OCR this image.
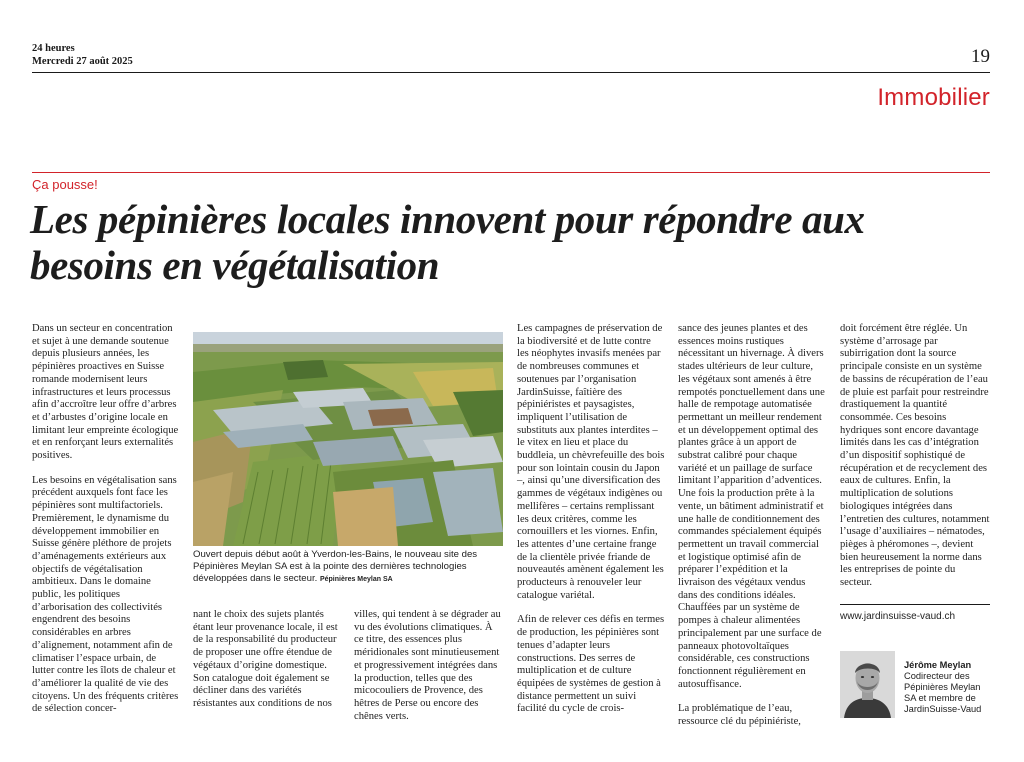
24 heures
Mercredi 27 août 2025	19
Immobilier
Ça pousse!
Les pépinières locales innovent pour répondre aux besoins en végétalisation

Dans un secteur en concentration et sujet à une demande soutenue depuis plusieurs années, les pépinières proactives en Suisse romande modernisent leurs infrastructures et leurs processus afin d’accroître leur offre d’arbres et d’arbustes d’origine locale en limitant leur empreinte écologique et en renforçant leurs externalités positives.

Les besoins en végétalisation sans précédent auxquels font face les pépinières sont multifactoriels. Premièrement, le dynamisme du développement immobilier en Suisse génère pléthore de projets d’aménagements extérieurs aux objectifs de végétalisation ambitieux. Dans le domaine public, les politiques d’arborisation des collectivités engendrent des besoins considérables en arbres d’alignement, notamment afin de climatiser l’espace urbain, de lutter contre les îlots de chaleur et d’améliorer la qualité de vie des citoyens. Un des fréquents critères de sélection concer-

Ouvert depuis début août à Yverdon-les-Bains, le nouveau site des Pépinières Meylan SA est à la pointe des dernières technologies développées dans le secteur. Pépinières Meylan SA

nant le choix des sujets plantés étant leur provenance locale, il est de la responsabilité du producteur de proposer une offre étendue de végétaux d’origine domestique. Son catalogue doit également se décliner dans des variétés résistantes aux conditions de nos

villes, qui tendent à se dégrader au vu des évolutions climatiques. À ce titre, des essences plus méridionales sont minutieusement et progressivement intégrées dans la production, telles que des micocouliers de Provence, des hêtres de Perse ou encore des chênes verts.

Les campagnes de préservation de la biodiversité et de lutte contre les néophytes invasifs menées par de nombreuses communes et soutenues par l’organisation JardinSuisse, faîtière des pépiniéristes et paysagistes, impliquent l’utilisation de substituts aux plantes interdites – le vitex en lieu et place du buddleia, un chèvrefeuille des bois pour son lointain cousin du Japon –, ainsi qu’une diversification des gammes de végétaux indigènes ou mellifères – certains remplissant les deux critères, comme les cornouillers et les viornes. Enfin, les attentes d’une certaine frange de la clientèle privée friande de nouveautés amènent également les producteurs à renouveler leur catalogue variétal.

Afin de relever ces défis en termes de production, les pépinières sont tenues d’adapter leurs constructions. Des serres de multiplication et de culture équipées de systèmes de gestion à distance permettent un suivi facilité du cycle de crois-

sance des jeunes plantes et des essences moins rustiques nécessitant un hivernage. À divers stades ultérieurs de leur culture, les végétaux sont amenés à être rempotés ponctuellement dans une halle de rempotage automatisée permettant un meilleur rendement et un développement optimal des plantes grâce à un apport de substrat calibré pour chaque variété et un paillage de surface limitant l’apparition d’adventices. Une fois la production prête à la vente, un bâtiment administratif et une halle de conditionnement des commandes spécialement équipés permettent un travail commercial et logistique optimisé afin de préparer l’expédition et la livraison des végétaux vendus dans des conditions idéales. Chauffées par un système de pompes à chaleur alimentées principalement par une surface de panneaux photovoltaïques considérable, ces constructions fonctionnent régulièrement en autosuffisance.

La problématique de l’eau, ressource clé du pépiniériste,

doit forcément être réglée. Un système d’arrosage par subirrigation dont la source principale consiste en un système de bassins de récupération de l’eau de pluie est parfait pour restreindre drastiquement la quantité consommée. Ces besoins hydriques sont encore davantage limités dans les cas d’intégration d’un dispositif sophistiqué de récupération et de recyclement des eaux de cultures. Enfin, la multiplication de solutions biologiques intégrées dans l’entretien des cultures, notamment l’usage d’auxiliaires – nématodes, pièges à phéromones –, devient bien heureusement la norme dans les entreprises de pointe du secteur.

www.jardinsuisse-vaud.ch
Jérôme Meylan
Codirecteur des Pépinières Meylan SA et membre de JardinSuisse-Vaud
